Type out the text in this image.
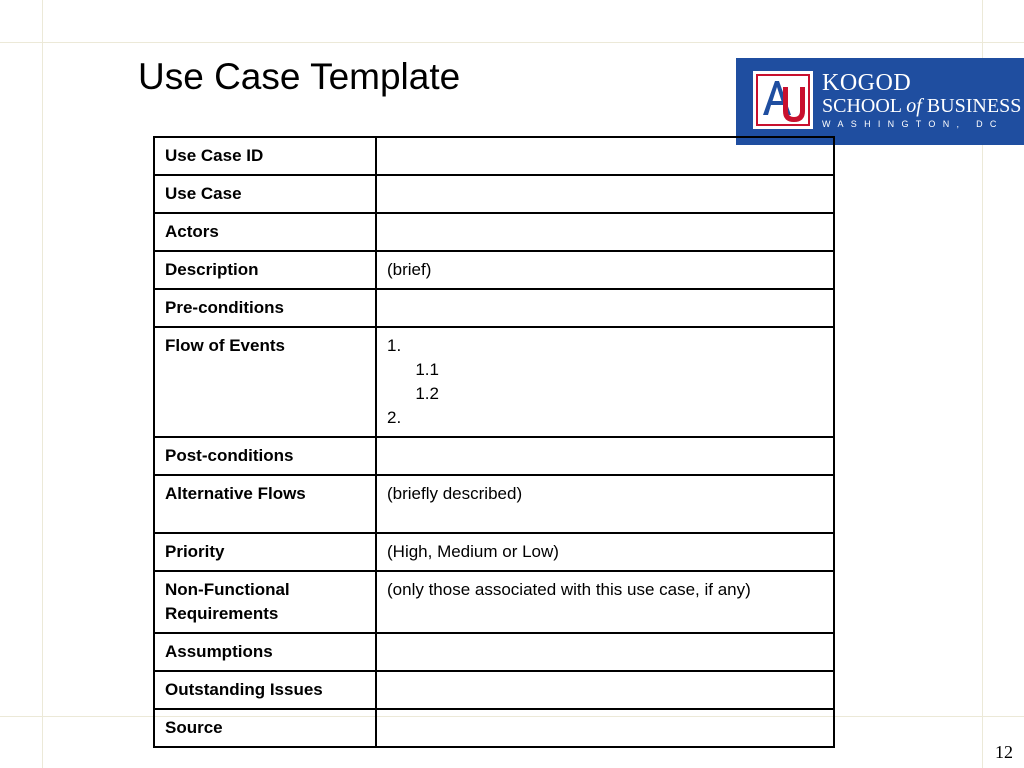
Use Case Template	KOGOD
SCHOOL of BUSINESS
WASHINGTON, DC
Use Case ID	
Use Case	
Actors	
Description	(brief)
Pre-conditions	
Flow of Events	1.
1.1
1.2
2.
Post-conditions	
Alternative Flows	(briefly described)
Priority	(High, Medium or Low)
Non-Functional Requirements	(only those associated with this use case, if any)
Assumptions	
Outstanding Issues	
Source	
12
